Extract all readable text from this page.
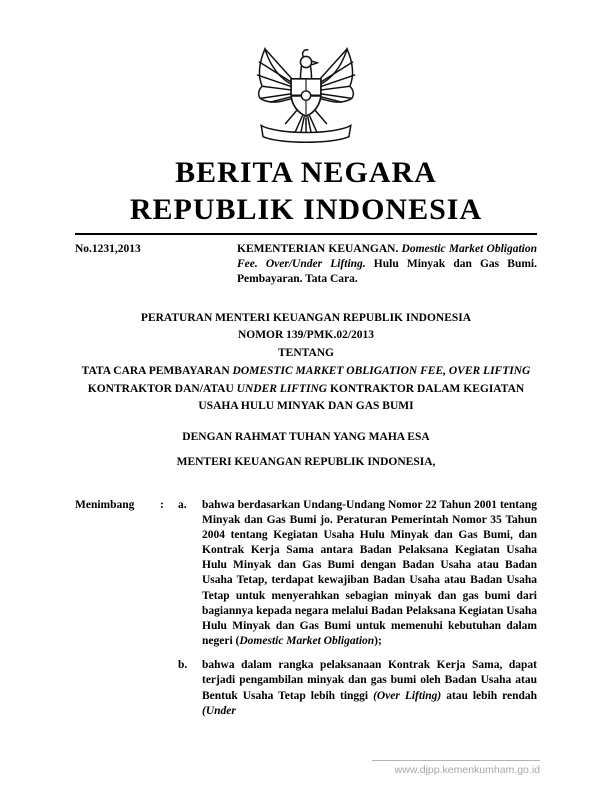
BERITA NEGARA
REPUBLIK INDONESIA
No.1231,2013	KEMENTERIAN KEUANGAN. Domestic Market Obligation Fee. Over/Under Lifting. Hulu Minyak dan Gas Bumi. Pembayaran. Tata Cara.
PERATURAN MENTERI KEUANGAN REPUBLIK INDONESIA
NOMOR 139/PMK.02/2013
TENTANG
TATA CARA PEMBAYARAN DOMESTIC MARKET OBLIGATION FEE, OVER LIFTING KONTRAKTOR DAN/ATAU UNDER LIFTING KONTRAKTOR DALAM KEGIATAN USAHA HULU MINYAK DAN GAS BUMI
DENGAN RAHMAT TUHAN YANG MAHA ESA
MENTERI KEUANGAN REPUBLIK INDONESIA,
Menimbang	:	a.	bahwa berdasarkan Undang-Undang Nomor 22 Tahun 2001 tentang Minyak dan Gas Bumi jo. Peraturan Pemerintah Nomor 35 Tahun 2004 tentang Kegiatan Usaha Hulu Minyak dan Gas Bumi, dan Kontrak Kerja Sama antara Badan Pelaksana Kegiatan Usaha Hulu Minyak dan Gas Bumi dengan Badan Usaha atau Badan Usaha Tetap, terdapat kewajiban Badan Usaha atau Badan Usaha Tetap untuk menyerahkan sebagian minyak dan gas bumi dari bagiannya kepada negara melalui Badan Pelaksana Kegiatan Usaha Hulu Minyak dan Gas Bumi untuk memenuhi kebutuhan dalam negeri (Domestic Market Obligation);
b.	bahwa dalam rangka pelaksanaan Kontrak Kerja Sama, dapat terjadi pengambilan minyak dan gas bumi oleh Badan Usaha atau Bentuk Usaha Tetap lebih tinggi (Over Lifting) atau lebih rendah (Under
www.djpp.kemenkumham.go.id
